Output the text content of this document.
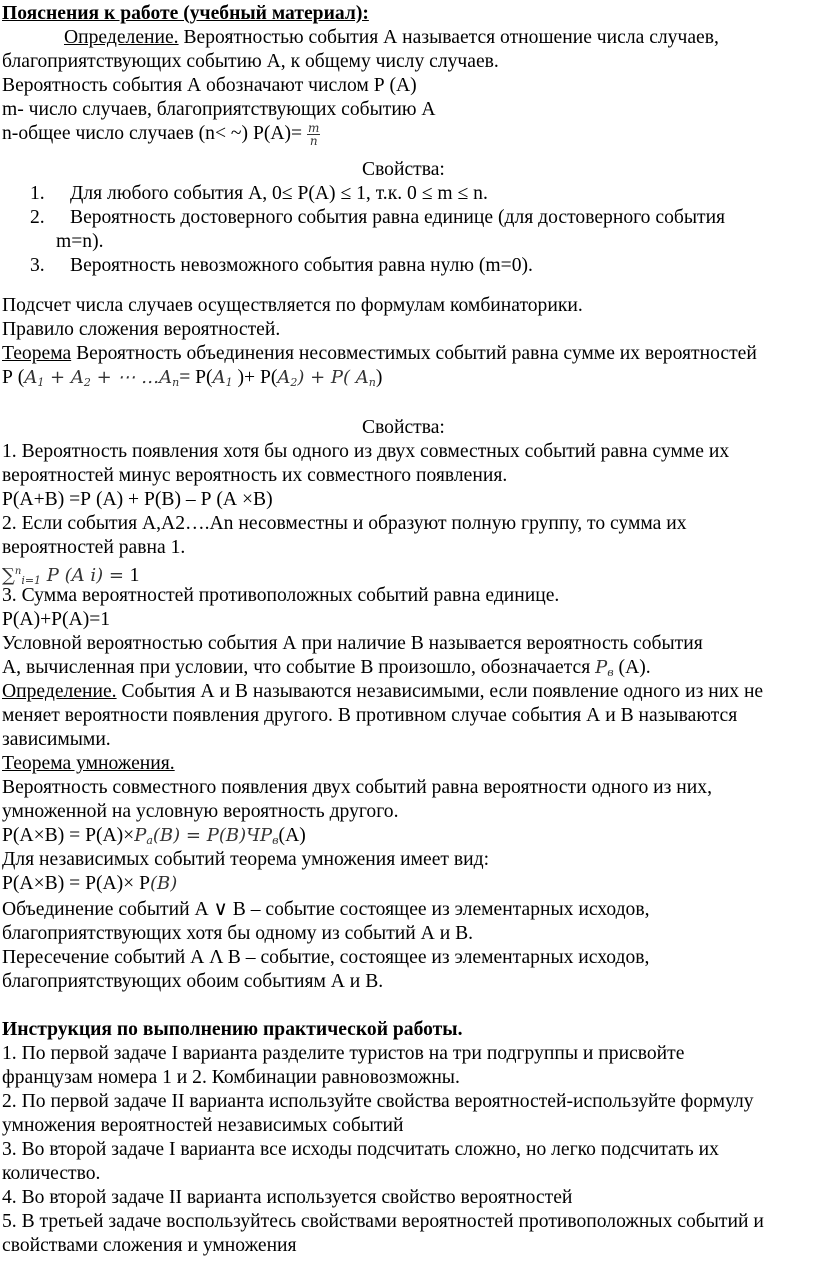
Пояснения к работе (учебный материал):
Определение. Вероятностью события А называется отношение числа случаев,
благоприятствующих событию А, к общему числу случаев.
Вероятность события А обозначают числом Р (А)
m- число случаев, благоприятствующих событию А
n-общее число случаев (n< ~) $Р(А)= \frac{m}{n}$
Свойства:
1. Для любого события А, 0≤ Р(А) ≤ 1, т.к. 0 ≤ m ≤ n.
2. Вероятность достоверного события равна единице (для достоверного события
m=n).
3. Вероятность невозможного события равна нулю (m=0).
Подсчет числа случаев осуществляется по формулам комбинаторики.
Правило сложения вероятностей.
Теорема Вероятность объединения несовместимых событий равна сумме их вероятностей
Р ($A_1 + A_2$ + ⋯ $\dots A_n= Р(A_1$ )+ $Р(A_2) + P$( $A_n$)
Свойства:
1. Вероятность появления хотя бы одного из двух совместных событий равна сумме их
вероятностей минус вероятность их совместного появления.
Р(А+В) =Р (А) + Р(В) – Р (А ×В)
2. Если события А,А2….Аn несовместны и образуют полную группу, то сумма их
вероятностей равна 1.
∑$^n_{i=1}$ P (A i) = 1
3. Сумма вероятностей противоположных событий равна единице.
Р(А)+Р(А)=1
Условной вероятностью события А при наличие В называется вероятность события
А, вычисленная при условии, что событие В произошло, обозначается $P_в$ (А).
Определение. События А и В называются независимыми, если появление одного из них не
меняет вероятности появления другого. В противном случае события А и В называются
зависимыми.
Теорема умножения.
Вероятность совместного появления двух событий равна вероятности одного из них,
умноженной на условную вероятность другого.
$Р(А\times В) = Р(А)\times P_a(B) = P(B)ЧP_в(А)$
Для независимых событий теорема умножения имеет вид:
Р(А×В) = Р(А)× Р(B)
Объединение событий А ∨ В – событие состоящее из элементарных исходов,
благоприятствующих хотя бы одному из событий А и В.
Пересечение событий А Λ В – событие, состоящее из элементарных исходов,
благоприятствующих обоим событиям А и В.
Инструкция по выполнению практической работы.
1. По первой задаче I варианта разделите туристов на три подгруппы и присвойте
французам номера 1 и 2. Комбинации равновозможны.
2. По первой задаче II варианта используйте свойства вероятностей-используйте формулу
умножения вероятностей независимых событий
3. Во второй задаче I варианта все исходы подсчитать сложно, но легко подсчитать их
количество.
4. Во второй задаче II варианта используется свойство вероятностей
5. В третьей задаче воспользуйтесь свойствами вероятностей противоположных событий и
свойствами сложения и умножения
